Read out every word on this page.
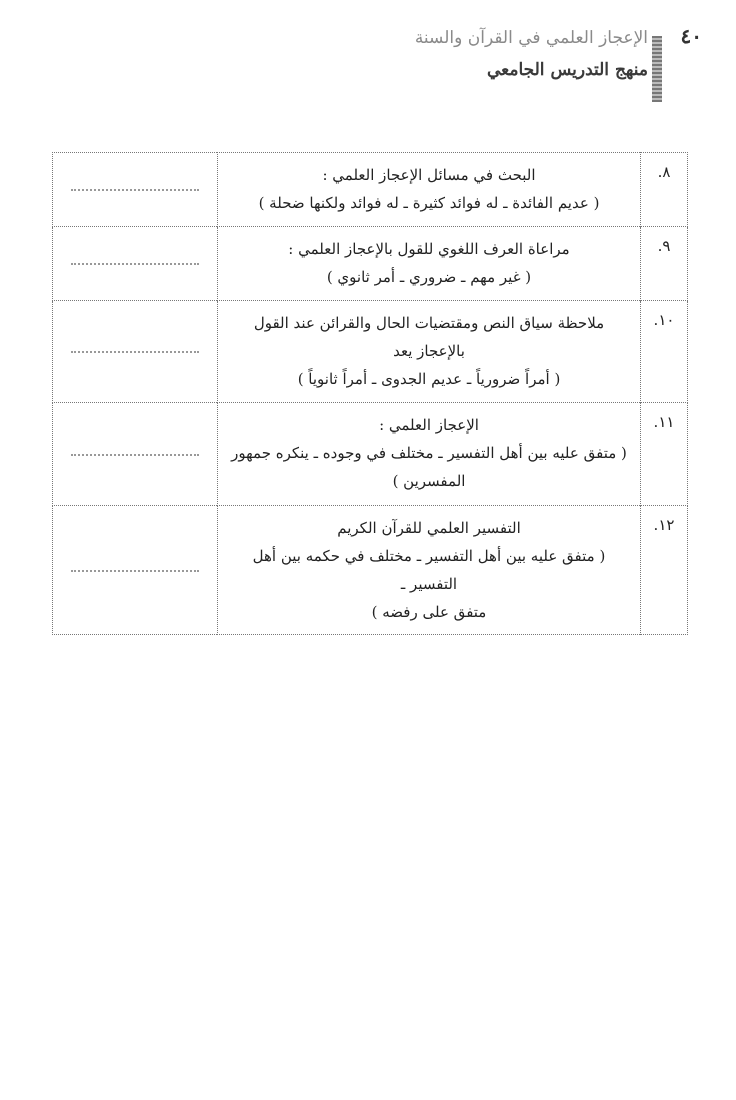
٤٠
الإعجاز العلمي في القرآن والسنة
منهج التدريس الجامعي
٨.	البحث في مسائل الإعجاز العلمي :
( عديم الفائدة ـ له فوائد كثيرة ـ له فوائد ولكنها ضحلة )	

٩.	مراعاة العرف اللغوي للقول بالإعجاز العلمي :
( غير مهم ـ ضروري ـ أمر ثانوي )	

١٠.	ملاحظة سياق النص ومقتضيات الحال والقرائن عند القول
بالإعجاز يعد
( أمراً ضرورياً ـ عديم الجدوى ـ أمراً ثانوياً )	

١١.	الإعجاز العلمي :
( متفق عليه بين أهل التفسير ـ مختلف في وجوده ـ ينكره جمهور
المفسرين )	

١٢.	التفسير العلمي للقرآن الكريم
( متفق عليه بين أهل التفسير ـ مختلف في حكمه بين أهل التفسير ـ
متفق على رفضه )	
